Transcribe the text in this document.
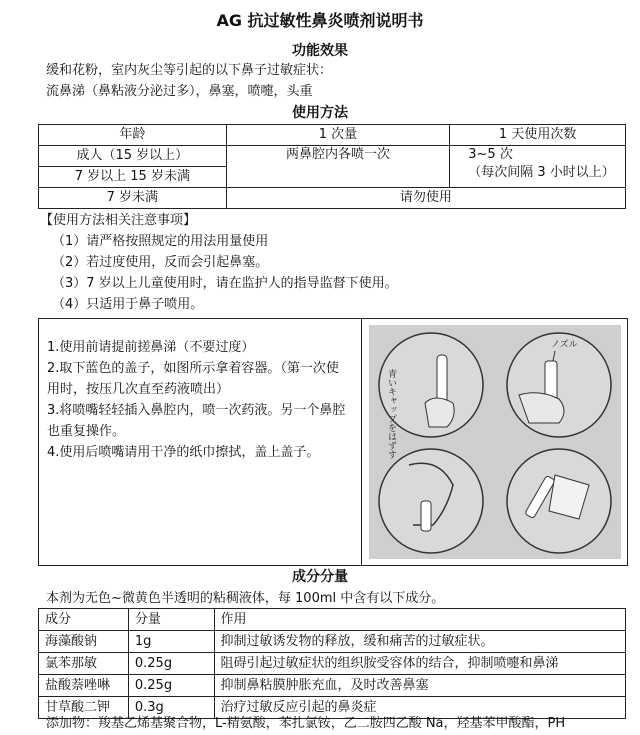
AG 抗过敏性鼻炎喷剂说明书
功能效果
缓和花粉，室内灰尘等引起的以下鼻子过敏症状：
流鼻涕（鼻粘液分泌过多），鼻塞，喷嚏，头重
使用方法
年龄	1 次量	1 天使用次数
成人（15 岁以上）	两鼻腔内各喷一次	3~5 次
（每次间隔 3 小时以上）

7 岁以上 15 岁未满		
7 岁未满	请勿使用	
【使用方法相关注意事项】
（1）请严格按照规定的用法用量使用
（2）若过度使用，反而会引起鼻塞。
（3）7 岁以上儿童使用时，请在监护人的指导监督下使用。
（4）只适用于鼻子喷用。

1.使用前请提前搓鼻涕（不要过度）

2.取下蓝色的盖子，如图所示拿着容器。（第一次使用时，按压几次直至药液喷出）

3.将喷嘴轻轻插入鼻腔内，喷一次药液。另一个鼻腔也重复操作。

4.使用后喷嘴请用干净的纸巾擦拭，盖上盖子。	青いキャップをはずす
ノズル
成分分量
本剂为无色~微黄色半透明的粘稠液体，每 100ml 中含有以下成分。
成分	分量	作用
海藻酸钠	1g	抑制过敏诱发物的释放，缓和痛苦的过敏症状。
氯苯那敏	0.25g	阻碍引起过敏症状的组织胺受容体的结合，抑制喷嚏和鼻涕
盐酸萘唑啉	0.25g	抑制鼻粘膜肿胀充血，及时改善鼻塞
甘草酸二钾	0.3g	治疗过敏反应引起的鼻炎症
添加物：羧基乙烯基聚合物，L-精氨酸，苯扎氯铵，乙二胺四乙酸 Na，羟基苯甲酸酯，PH
